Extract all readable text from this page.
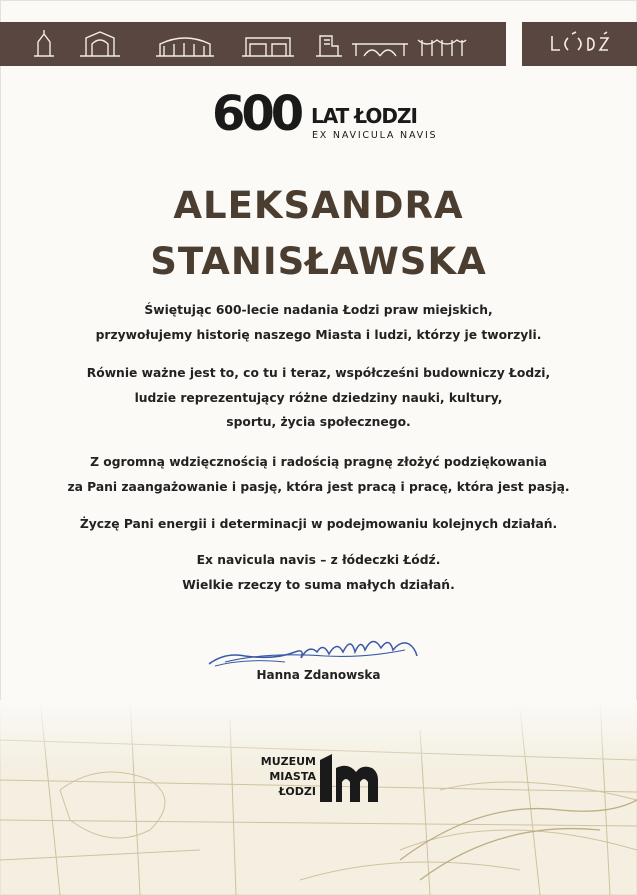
600 LAT ŁODZI
EX NAVICULA NAVIS
ALEKSANDRA
STANISŁAWSKA
Świętując 600-lecie nadania Łodzi praw miejskich,
przywołujemy historię naszego Miasta i ludzi, którzy je tworzyli.
Równie ważne jest to, co tu i teraz, współcześni budowniczy Łodzi,
ludzie reprezentujący różne dziedziny nauki, kultury,
sportu, życia społecznego.
Z ogromną wdzięcznością i radością pragnę złożyć podziękowania
za Pani zaangażowanie i pasję, która jest pracą i pracę, która jest pasją.
Życzę Pani energii i determinacji w podejmowaniu kolejnych działań.
Ex navicula navis – z łódeczki Łódź.
Wielkie rzeczy to suma małych działań.
Hanna Zdanowska
MUZEUM
MIASTA
ŁODZI
